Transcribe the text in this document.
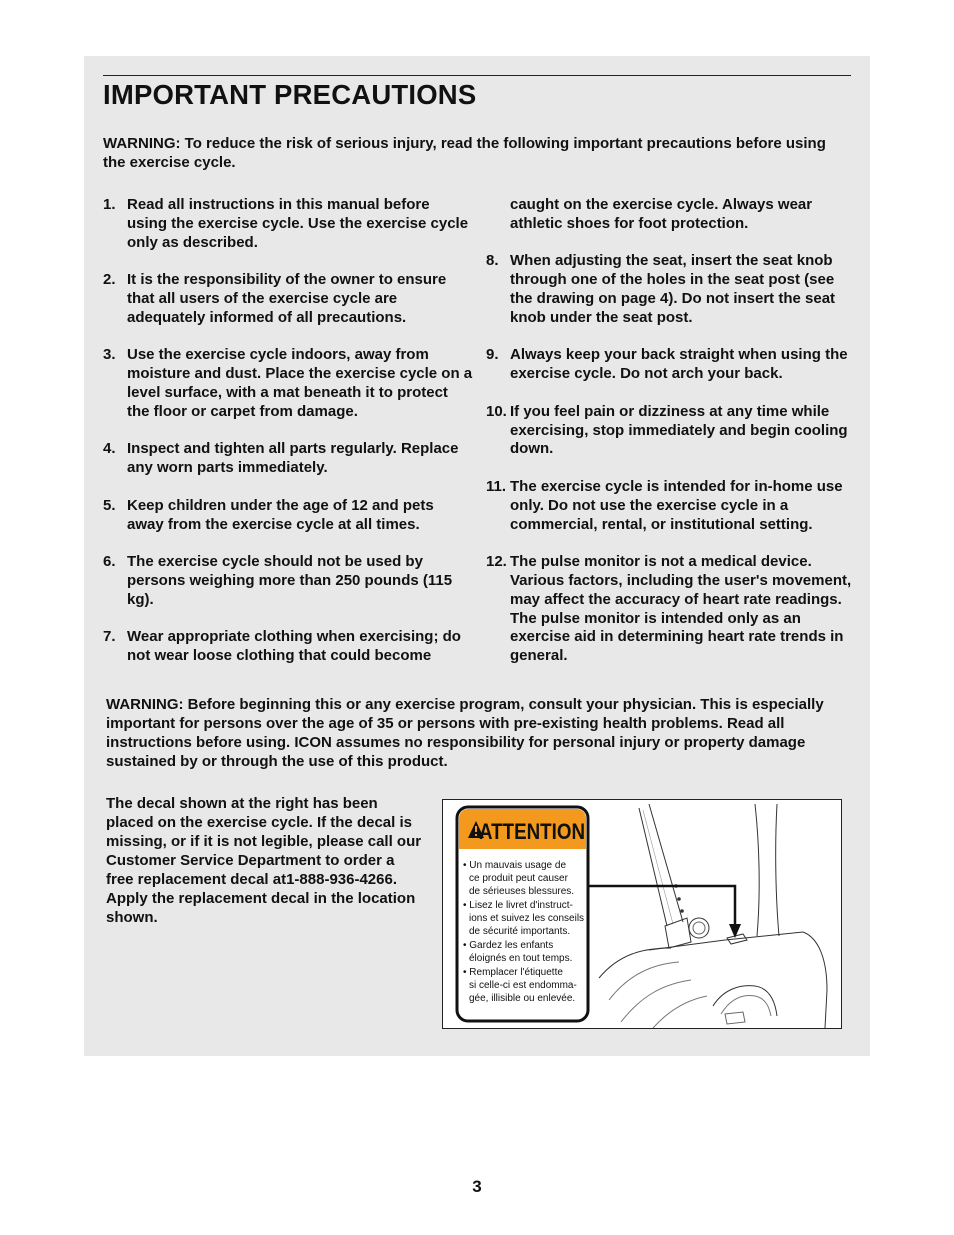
IMPORTANT PRECAUTIONS

WARNING: To reduce the risk of serious injury, read the following important precautions before using the exercise cycle.

1. Read all instructions in this manual before using the exercise cycle. Use the exercise cycle only as described.
2. It is the responsibility of the owner to ensure that all users of the exercise cycle are adequately informed of all precautions.
3. Use the exercise cycle indoors, away from moisture and dust. Place the exercise cycle on a level surface, with a mat beneath it to protect the floor or carpet from damage.
4. Inspect and tighten all parts regularly. Replace any worn parts immediately.
5. Keep children under the age of 12 and pets away from the exercise cycle at all times.
6. The exercise cycle should not be used by persons weighing more than 250 pounds (115 kg).
7. Wear appropriate clothing when exercising; do not wear loose clothing that could become
caught on the exercise cycle. Always wear athletic shoes for foot protection.
8. When adjusting the seat, insert the seat knob through one of the holes in the seat post (see the drawing on page 4). Do not insert the seat knob under the seat post.
9. Always keep your back straight when using the exercise cycle. Do not arch your back.
10. If you feel pain or dizziness at any time while exercising, stop immediately and begin cooling down.
11. The exercise cycle is intended for in-home use only. Do not use the exercise cycle in a commercial, rental, or institutional setting.
12. The pulse monitor is not a medical device. Various factors, including the user's movement, may affect the accuracy of heart rate readings. The pulse monitor is intended only as an exercise aid in determining heart rate trends in general.

WARNING: Before beginning this or any exercise program, consult your physician. This is especially important for persons over the age of 35 or persons with pre-existing health problems. Read all instructions before using. ICON assumes no responsibility for personal injury or property damage sustained by or through the use of this product.

The decal shown at the right has been placed on the exercise cycle. If the decal is missing, or if it is not legible, please call our Customer Service Department to order a free replacement decal at1-888-936-4266. Apply the replacement decal in the location shown.

ATTENTION
• Un mauvais usage de
ce produit peut causer
de sérieuses blessures.
• Lisez le livret d'instruct-
ions et suivez les conseils
de sécurité importants.
• Gardez les enfants
éloignés en tout temps.
• Remplacer l'étiquette
si celle-ci est endomma-
gée, illisible ou enlevée.

3
